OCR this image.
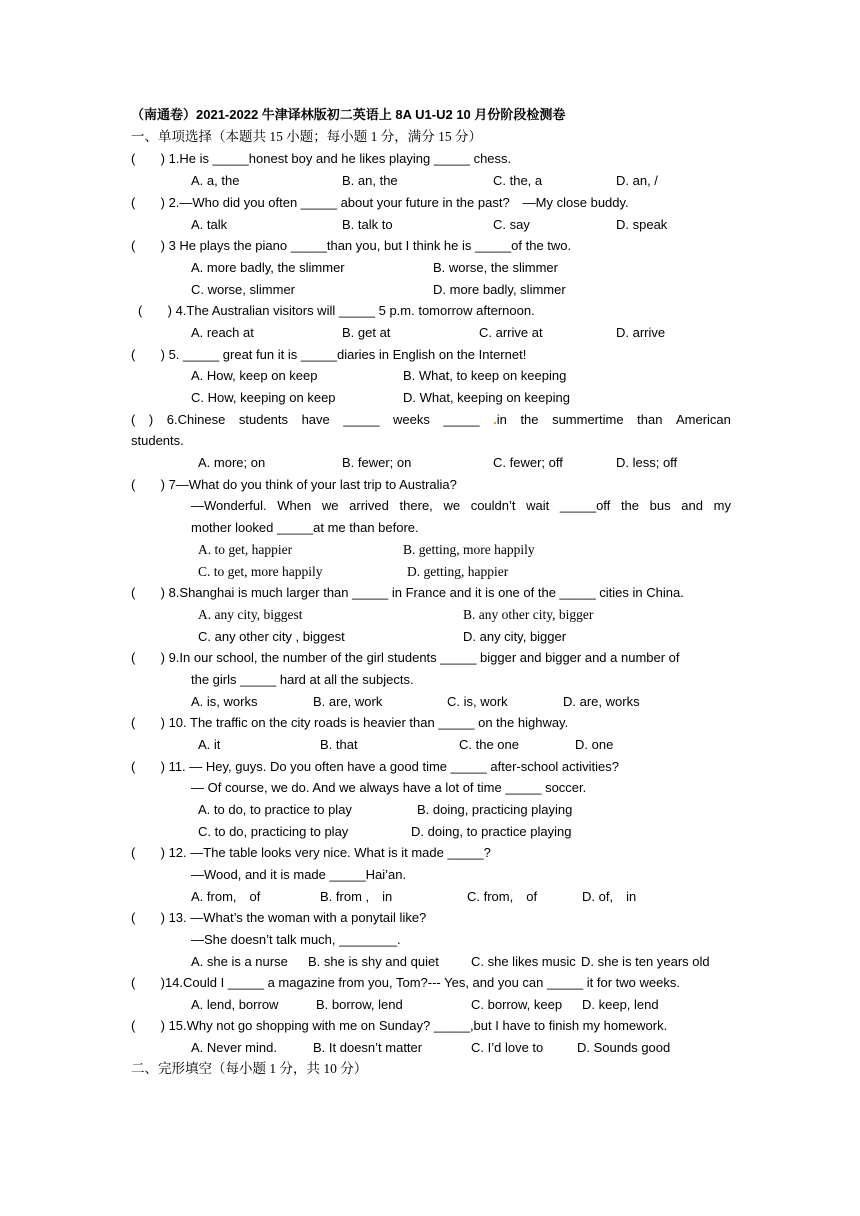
（南通卷）2021-2022 牛津译林版初二英语上 8A U1-U2 10 月份阶段检测卷
一、单项选择（本题共 15 小题；每小题 1 分，满分 15 分）
(       ) 1.He is _____honest boy and he likes playing _____ chess.
A. a, the	B. an, the	C. the, a	D. an, /
(       ) 2.—Who did you often _____ about your future in the past?　—My close buddy.
A. talk	B. talk to	C. say	D. speak
(       ) 3 He plays the piano _____than you, but I think he is _____of the two.
A. more badly, the slimmer	B. worse, the slimmer
C. worse, slimmer	D. more badly, slimmer
(       ) 4.The Australian visitors will _____ 5 p.m. tomorrow afternoon.
A. reach at	B. get at	C. arrive at	D. arrive
(       ) 5. _____ great fun it is _____diaries in English on the Internet!
A. How, keep on keep	B. What, to keep on keeping
C. How, keeping on keep	D. What, keeping on keeping
( ) 6.Chinese students have _____ weeks _____ .in the summertime than American
students.
A. more; on	B. fewer; on	C. fewer; off	D. less; off
(       ) 7—What do you think of your last trip to Australia?
—Wonderful. When we arrived there, we couldn’t wait _____off the bus and my
mother looked _____at me than before.
A. to get, happier	B. getting, more happily
C. to get, more happily	D. getting, happier
(       ) 8.Shanghai is much larger than _____ in France and it is one of the _____ cities in China.
A. any city, biggest	B. any other city, bigger
C. any other city , biggest	D. any city, bigger
(       ) 9.In our school, the number of the girl students _____ bigger and bigger and a number of
the girls _____ hard at all the subjects.
A. is, works	B. are, work	C. is, work	D. are, works
(       ) 10. The traffic on the city roads is heavier than _____ on the highway.
A. it	B. that	C. the one	D. one
(       ) 11. — Hey, guys. Do you often have a good time _____ after-school activities?
— Of course, we do. And we always have a lot of time _____ soccer.
A. to do, to practice to play	B. doing, practicing playing
C. to do, practicing to play	D. doing, to practice playing
(       ) 12. —The table looks very nice. What is it made _____?
—Wood, and it is made _____Hai’an.
A. from,　of	B. from ,　in	C. from,　of	D. of,　in
(       ) 13. —What’s the woman with a ponytail like?
—She doesn’t talk much, ________.
A. she is a nurse B. she is shy and quiet C. she likes music D. she is ten years old
(       )14.Could I _____ a magazine from you, Tom?--- Yes, and you can _____ it for two weeks.
A. lend, borrow	B. borrow, lend	C. borrow, keep D. keep, lend
(       ) 15.Why not go shopping with me on Sunday? _____,but I have to finish my homework.
A. Never mind.	B. It doesn’t matter	C. I’d love to	D. Sounds good
二、完形填空（每小题 1 分，共 10 分）
